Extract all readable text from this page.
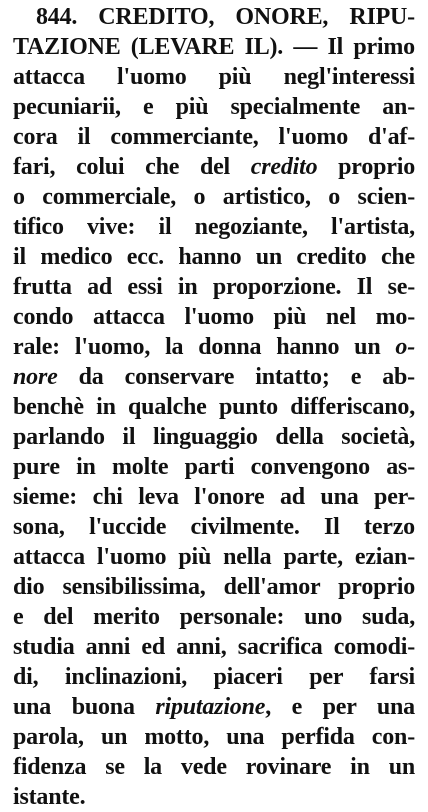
844. CREDITO, ONORE, RIPU-
TAZIONE (LEVARE IL). — Il primo
attacca l'uomo più negl'interessi
pecuniarii, e più specialmente an-
cora il commerciante, l'uomo d'af-
fari, colui che del credito proprio
o commerciale, o artistico, o scien-
tifico vive: il negoziante, l'artista,
il medico ecc. hanno un credito che
frutta ad essi in proporzione. Il se-
condo attacca l'uomo più nel mo-
rale: l'uomo, la donna hanno un o-
nore da conservare intatto; e ab-
benchè in qualche punto differiscano,
parlando il linguaggio della società,
pure in molte parti convengono as-
sieme: chi leva l'onore ad una per-
sona, l'uccide civilmente. Il terzo
attacca l'uomo più nella parte, ezian-
dio sensibilissima, dell'amor proprio
e del merito personale: uno suda,
studia anni ed anni, sacrifica comodi-
di, inclinazioni, piaceri per farsi
una buona riputazione, e per una
parola, un motto, una perfida con-
fidenza se la vede rovinare in un
istante.
